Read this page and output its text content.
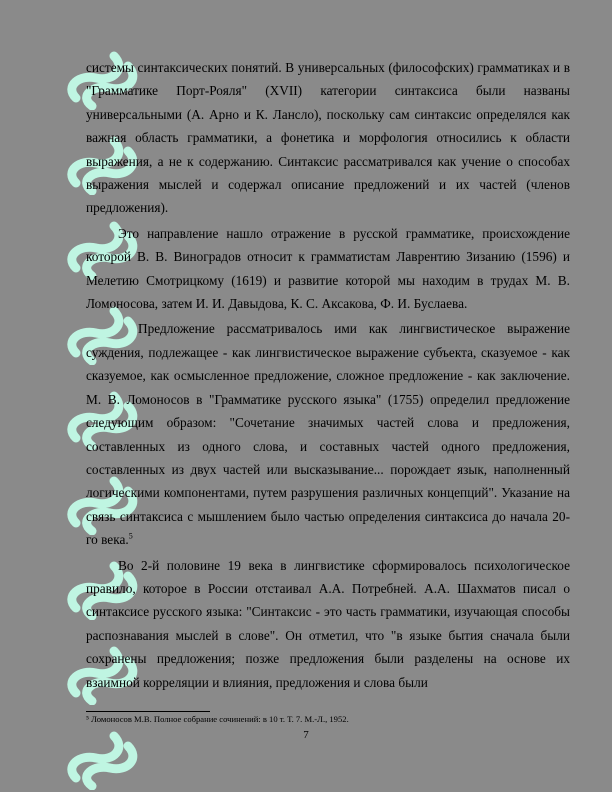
системы синтаксических понятий. В универсальных (философских) грамматиках и в "Грамматике Порт-Рояля" (XVII) категории синтаксиса были названы универсальными (А. Арно и К. Лансло), поскольку сам синтаксис определялся как важная область грамматики, а фонетика и морфология относились к области выражения, а не к содержанию. Синтаксис рассматривался как учение о способах выражения мыслей и содержал описание предложений и их частей (членов предложения).

Это направление нашло отражение в русской грамматике, происхождение которой В. В. Виноградов относит к грамматистам Лаврентию Зизанию (1596) и Мелетию Смотрицкому (1619) и развитие которой мы находим в трудах М. В. Ломоносова, затем И. И. Давыдова, К. С. Аксакова, Ф. И. Буслаева.

Предложение рассматривалось ими как лингвистическое выражение суждения, подлежащее - как лингвистическое выражение субъекта, сказуемое - как сказуемое, как осмысленное предложение, сложное предложение - как заключение. М. В. Ломоносов в "Грамматике русского языка" (1755) определил предложение следующим образом: "Сочетание значимых частей слова и предложения, составленных из одного слова, и составных частей одного предложения, составленных из двух частей или высказывание... порождает язык, наполненный логическими компонентами, путем разрушения различных концепций". Указание на связь синтаксиса с мышлением было частью определения синтаксиса до начала 20-го века.$^5$

Во 2-й половине 19 века в лингвистике сформировалось психологическое правило, которое в России отстаивал А.А. Потребней. А.А. Шахматов писал о синтаксисе русского языка: "Синтаксис - это часть грамматики, изучающая способы распознавания мыслей в слове". Он отметил, что "в языке бытия сначала были сохранены предложения; позже предложения были разделены на основе их взаимной корреляции и влияния, предложения и слова были

⁵ Ломоносов М.В. Полное собрание сочинений: в 10 т. Т. 7. М.-Л., 1952.
7
